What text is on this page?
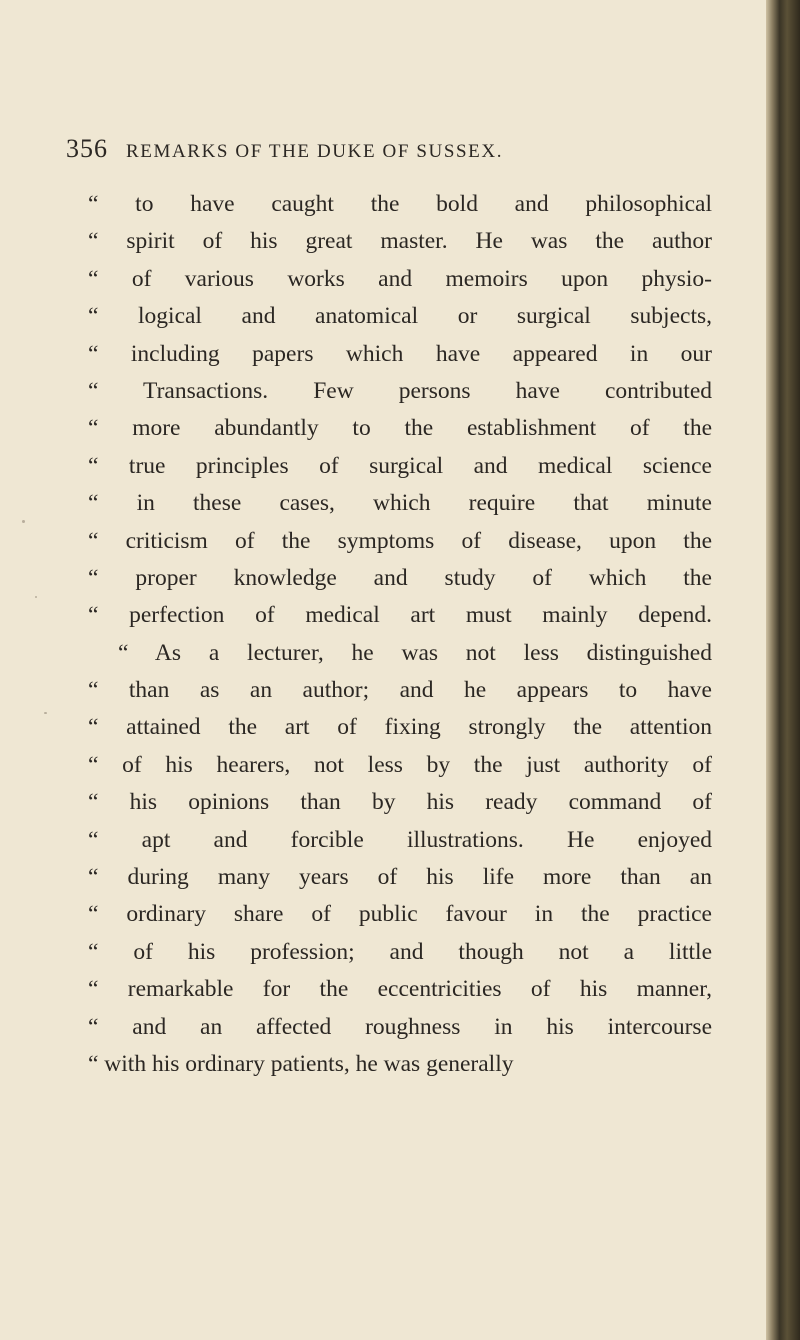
356 REMARKS OF THE DUKE OF SUSSEX.
“ to have caught the bold and philosophical
“ spirit of his great master. He was the author
“ of various works and memoirs upon physio-
“ logical and anatomical or surgical subjects,
“ including papers which have appeared in our
“ Transactions. Few persons have contributed
“ more abundantly to the establishment of the
“ true principles of surgical and medical science
“ in these cases, which require that minute
“ criticism of the symptoms of disease, upon the
“ proper knowledge and study of which the
“ perfection of medical art must mainly depend.
“ As a lecturer, he was not less distinguished
“ than as an author; and he appears to have
“ attained the art of fixing strongly the attention
“ of his hearers, not less by the just authority of
“ his opinions than by his ready command of
“ apt and forcible illustrations. He enjoyed
“ during many years of his life more than an
“ ordinary share of public favour in the practice
“ of his profession; and though not a little
“ remarkable for the eccentricities of his manner,
“ and an affected roughness in his intercourse
“ with his ordinary patients, he was generally
